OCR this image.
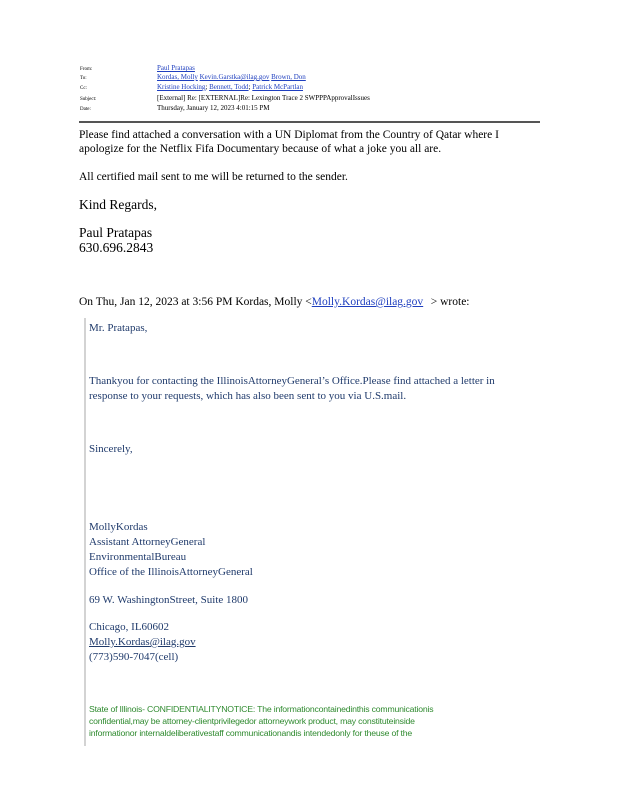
From:	Paul Pratapas
To:	Kordas, Molly Kevin.Garstka@ilag.gov Brown, Don
Cc:	Kristine Hocking; Bennett, Todd; Patrick McPartlan
Subject:	[External] Re: [EXTERNAL]Re: Lexington Trace 2 SWPPPApprovalIssues
Date:	Thursday, January 12, 2023 4:01:15 PM
Please find attached a conversation with a UN Diplomat from the Country of Qatar where I
apologize for the Netflix Fifa Documentary because of what a joke you all are.
All certified mail sent to me will be returned to the sender.
Kind Regards,
Paul Pratapas
630.696.2843
On Thu, Jan 12, 2023 at 3:56 PM Kordas, Molly <Molly.Kordas@ilag.gov > wrote:
Mr. Pratapas,
Thankyou for contacting the IllinoisAttorneyGeneral’s Office.Please find attached a letter in
response to your requests, which has also been sent to you via U.S.mail.
Sincerely,
MollyKordas
Assistant AttorneyGeneral
EnvironmentalBureau
Office of the IllinoisAttorneyGeneral
69 W. WashingtonStreet, Suite 1800
Chicago, IL60602
Molly.Kordas@ilag.gov
(773)590-7047(cell)
State of Illinois- CONFIDENTIALITYNOTICE: The informationcontainedinthis communicationis
confidential,may be attorney-clientprivilegedor attorneywork product, may constituteinside
informationor internaldeliberativestaff communicationandis intendedonly for theuse of the
